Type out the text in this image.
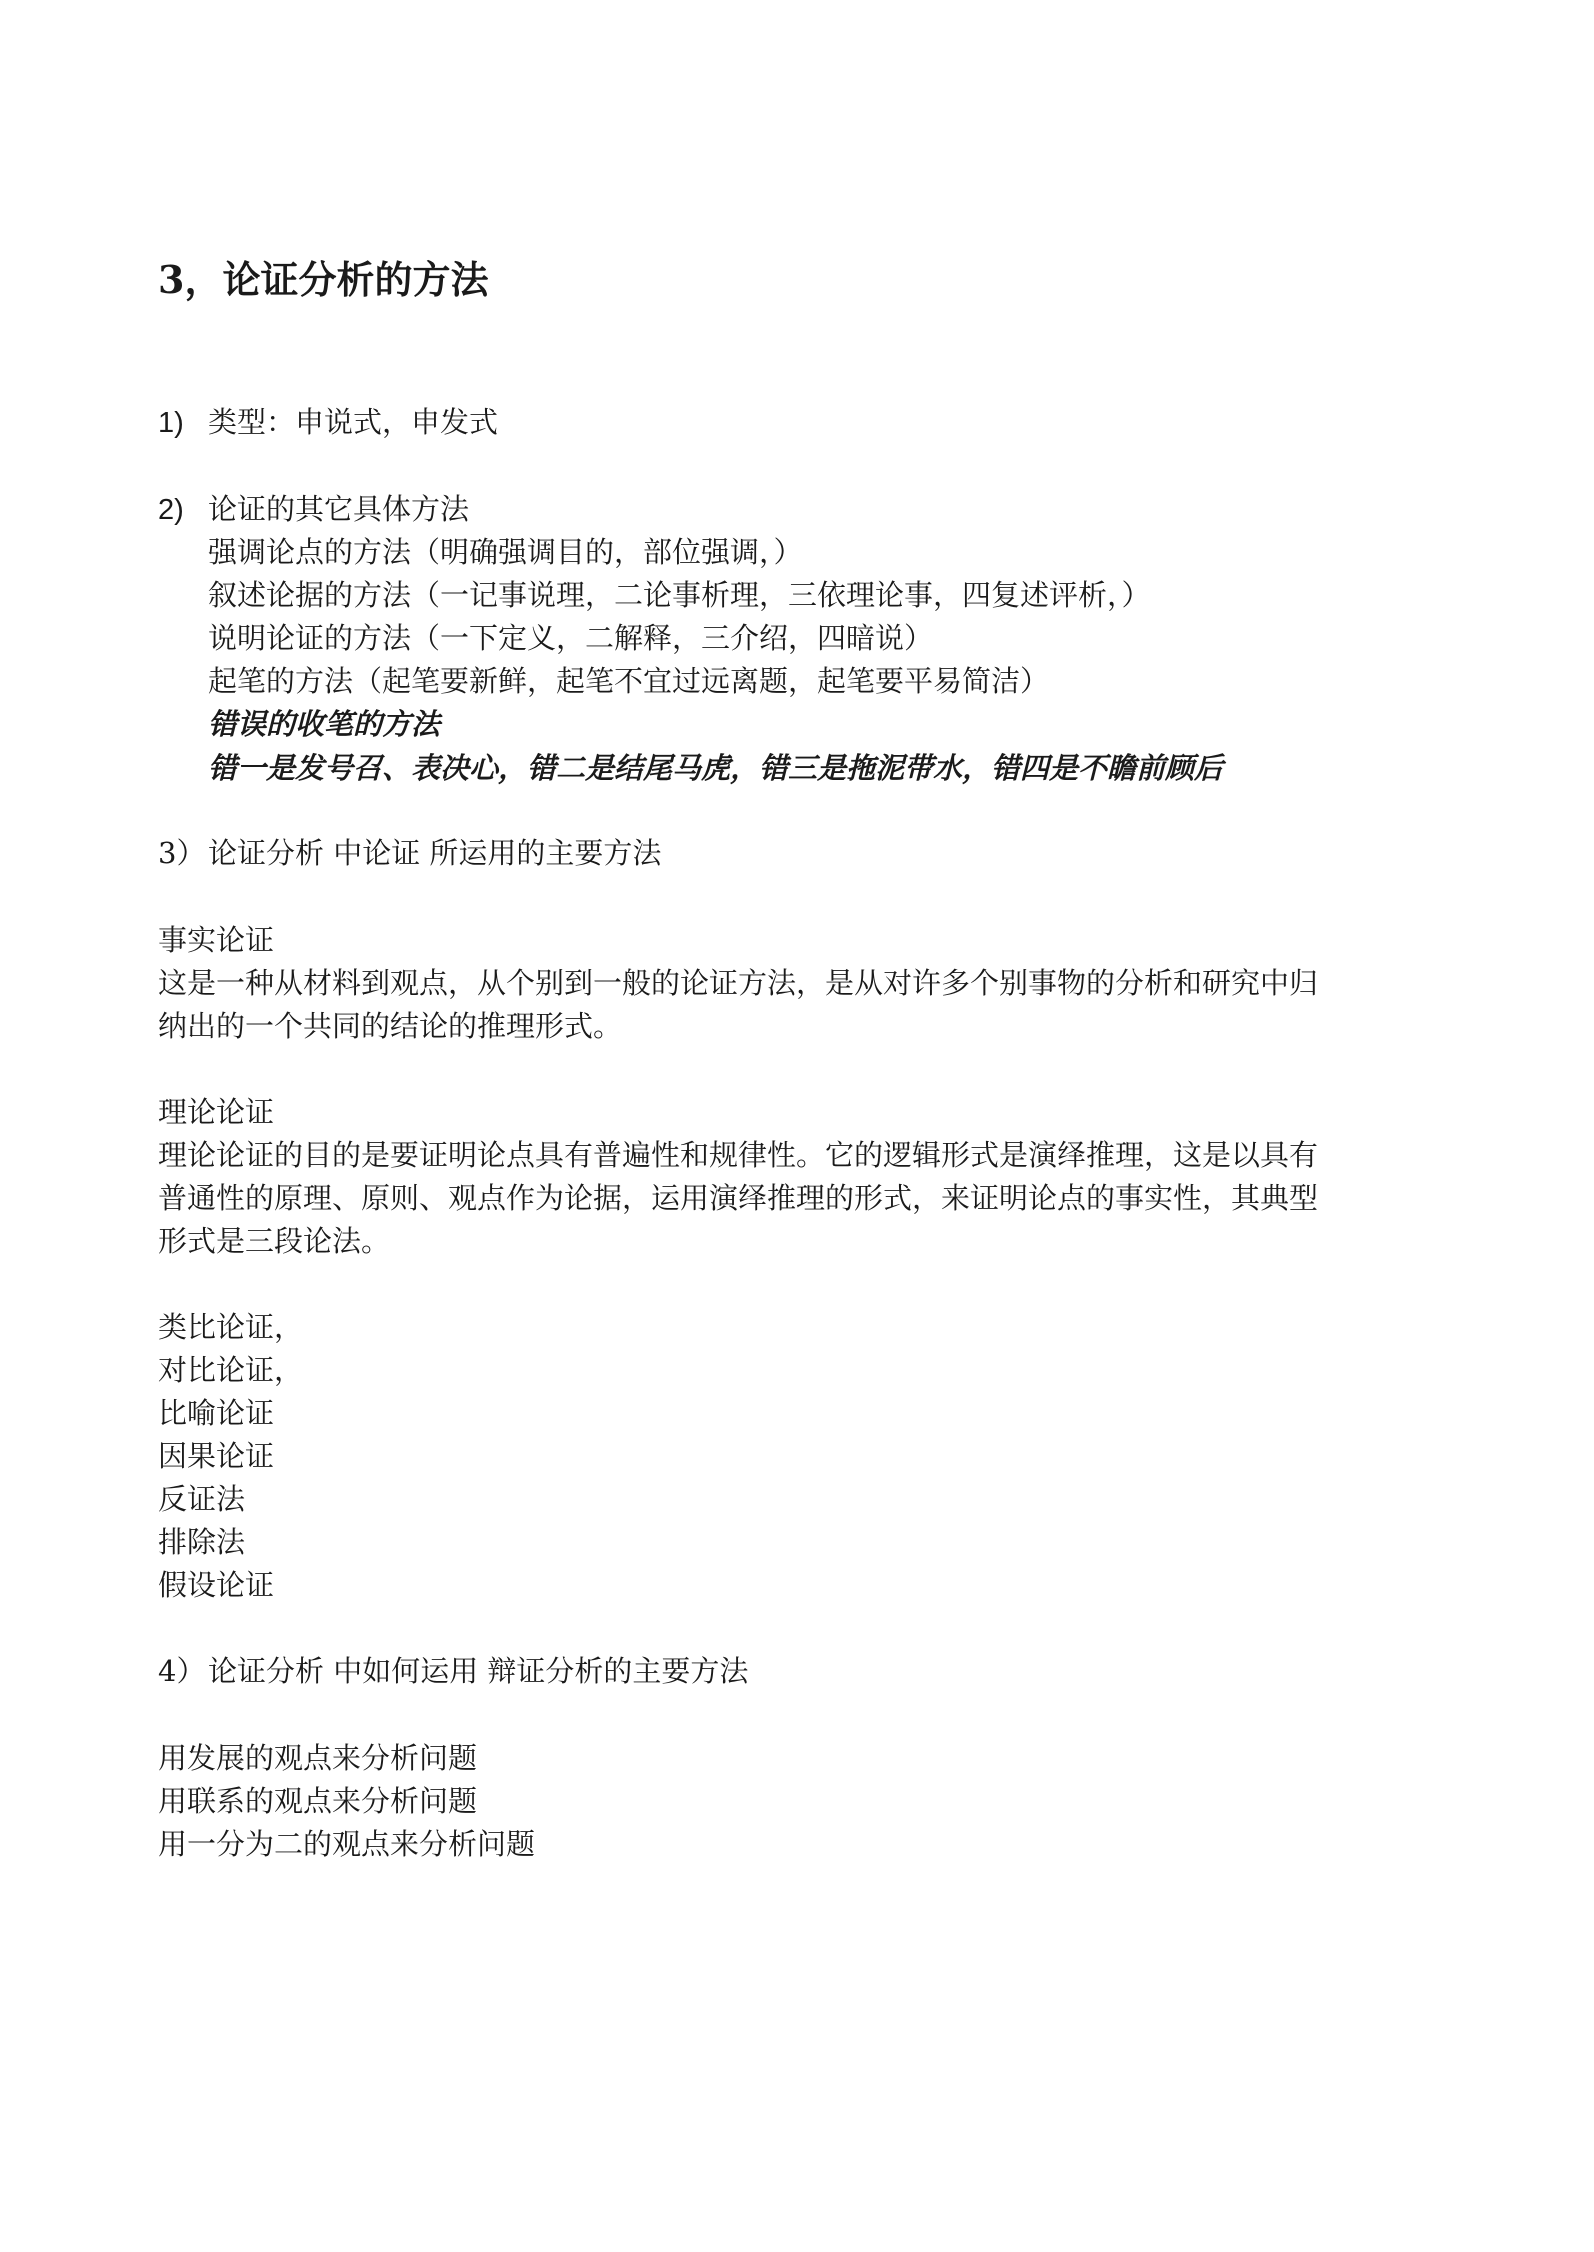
3，论证分析的方法

1) 类型：申说式，申发式

2) 论证的其它具体方法

强调论点的方法（明确强调目的，部位强调，）

叙述论据的方法（一记事说理，二论事析理，三依理论事，四复述评析，）

说明论证的方法（一下定义，二解释，三介绍，四暗说）

起笔的方法（起笔要新鲜，起笔不宜过远离题，起笔要平易简洁）

错误的收笔的方法

错一是发号召、表决心，错二是结尾马虎，错三是拖泥带水，错四是不瞻前顾后

3）论证分析 中论证 所运用的主要方法

事实论证

这是一种从材料到观点，从个别到一般的论证方法，是从对许多个别事物的分析和研究中归

纳出的一个共同的结论的推理形式。

理论论证

理论论证的目的是要证明论点具有普遍性和规律性。它的逻辑形式是演绎推理，这是以具有

普通性的原理、原则、观点作为论据，运用演绎推理的形式，来证明论点的事实性，其典型

形式是三段论法。

类比论证，

对比论证，

比喻论证

因果论证

反证法

排除法

假设论证

4）论证分析 中如何运用 辩证分析的主要方法

用发展的观点来分析问题

用联系的观点来分析问题

用一分为二的观点来分析问题
